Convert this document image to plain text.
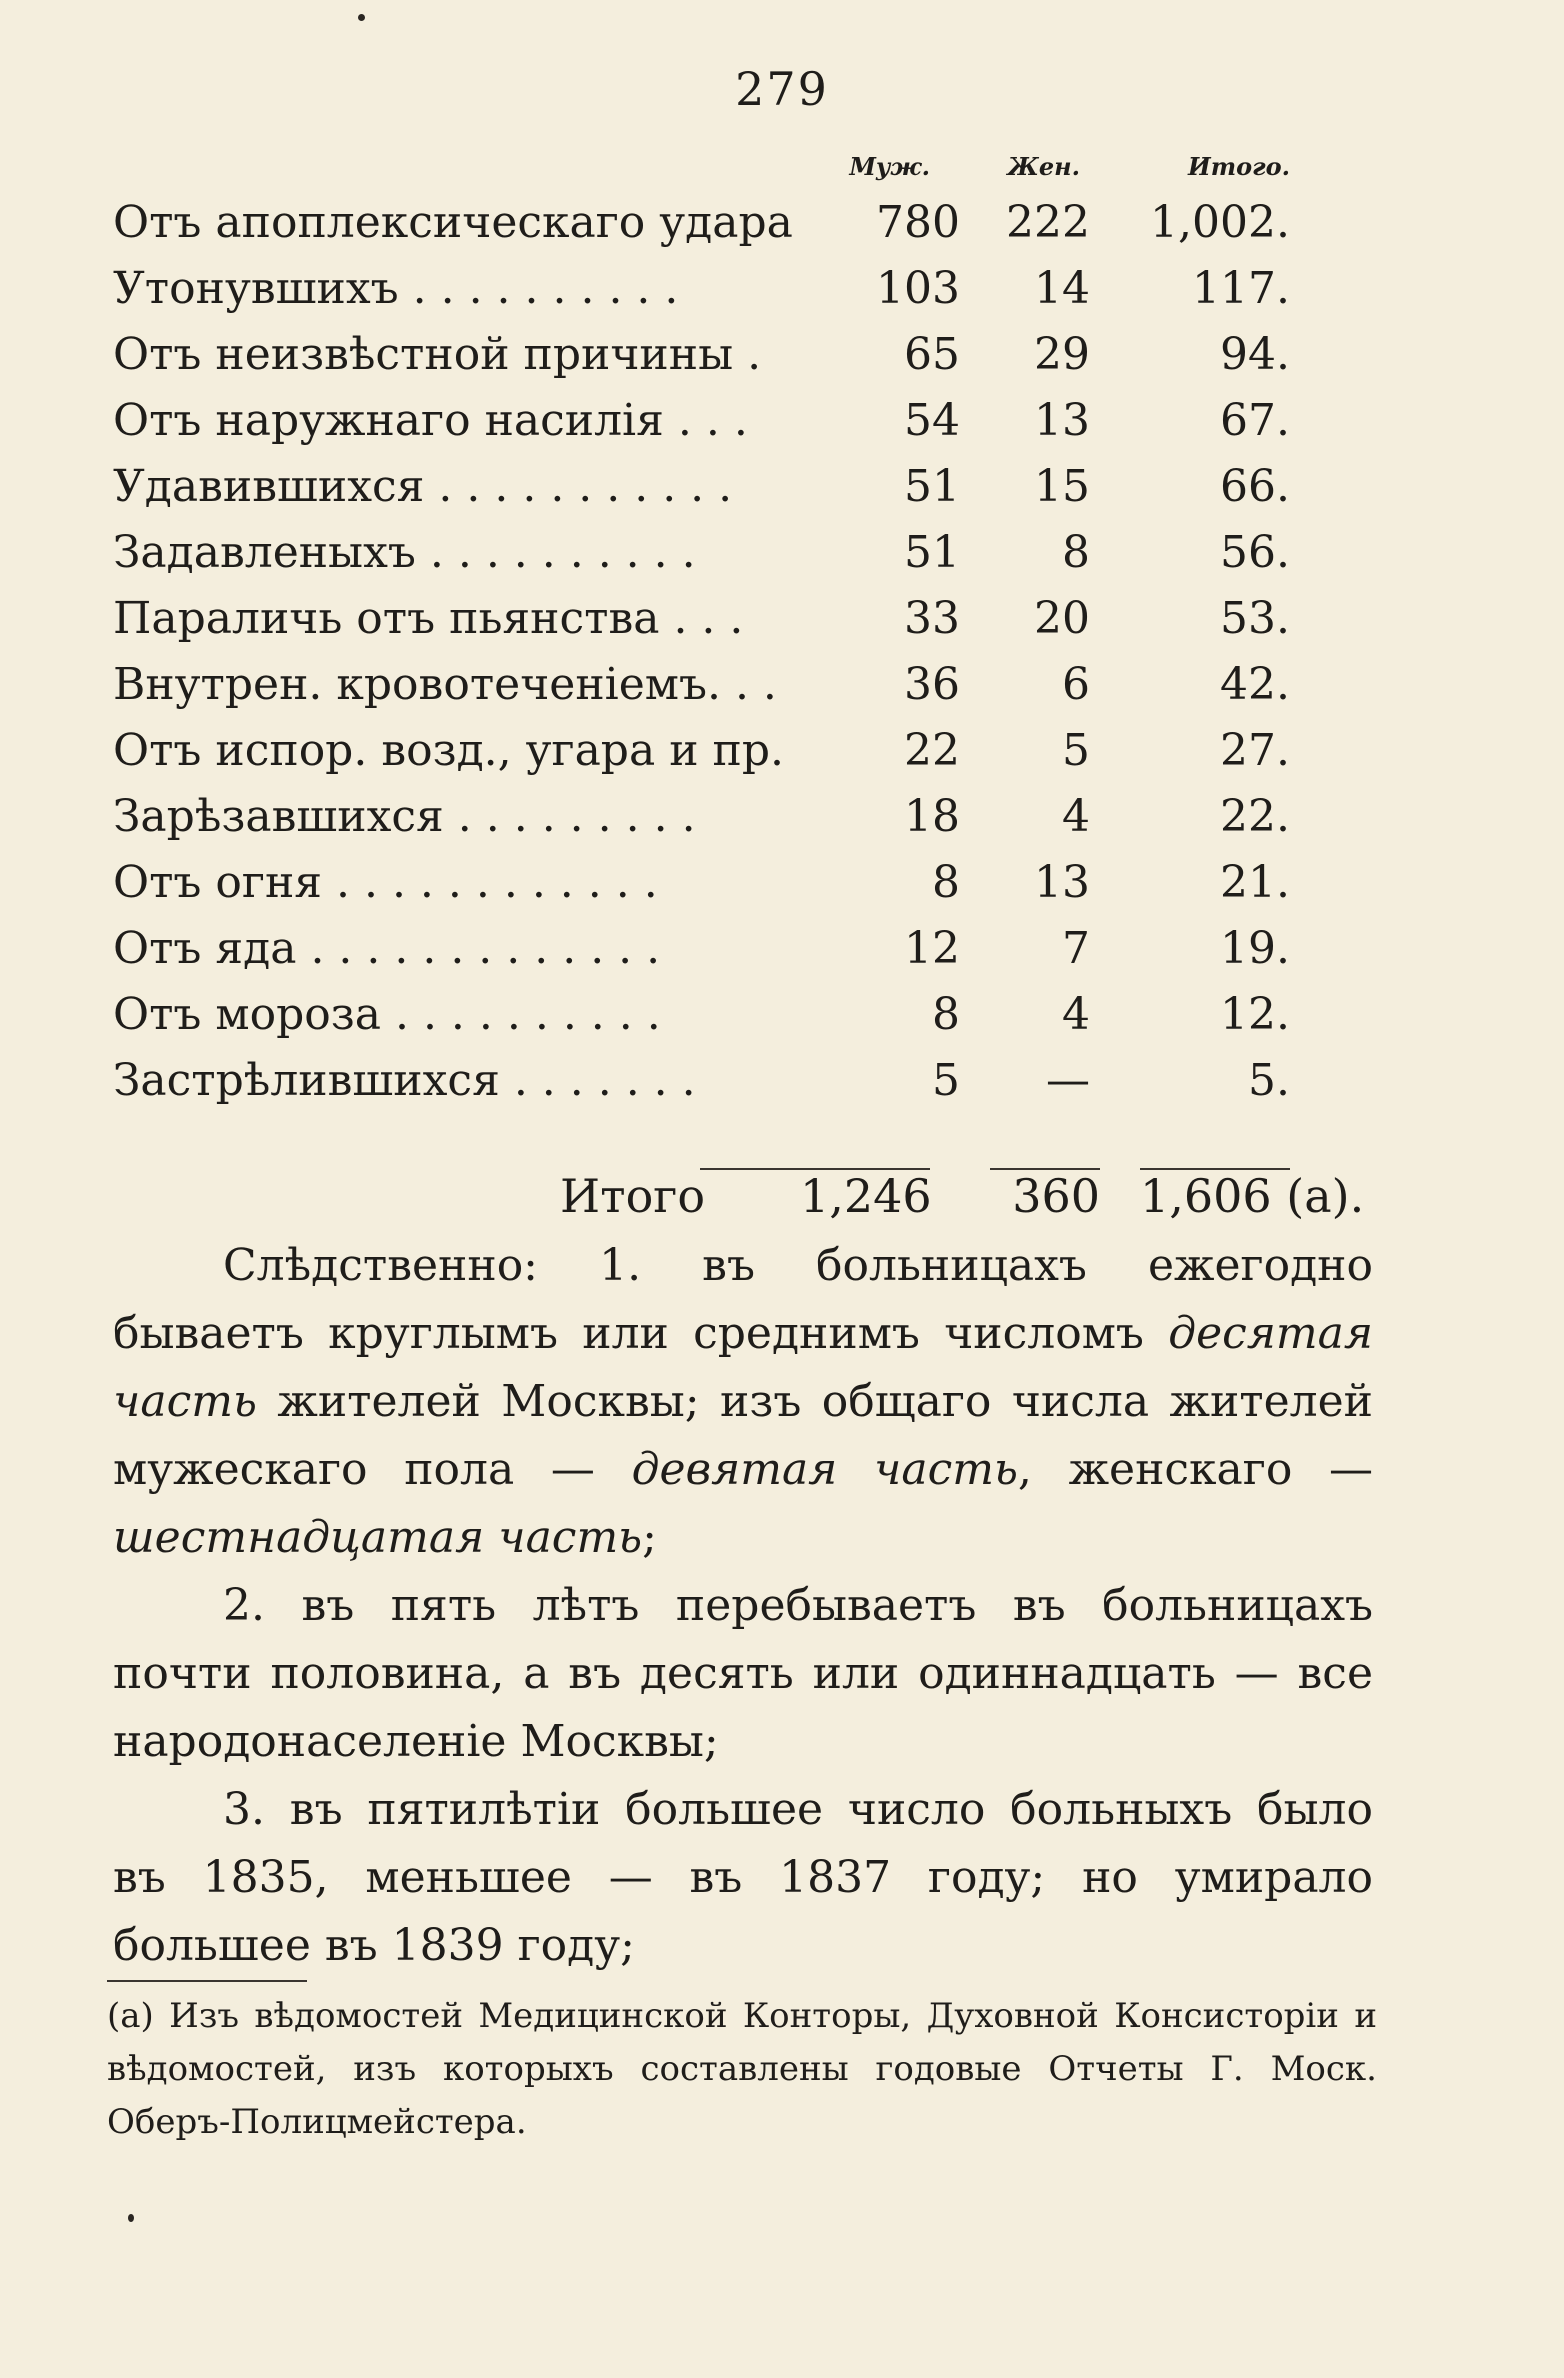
279
Муж.	Жен.	Итого.
Отъ апоплексическаго удара	780	222 1,002.
Утонувшихъ . . . . . . . . . .	103	14	117.
Отъ неизвѣстной причины .	65	29	94.
Отъ наружнаго насилія . . .	54	13	67.
Удавившихся . . . . . . . . . . .	51	15	66.
Задавленыхъ . . . . . . . . . .	51	8	56.
Параличь отъ пьянства . . .	33	20	53.
Внутрен. кровотеченіемъ. . .	36	6	42.
Отъ испор. возд., угара и пр.	22	5	27.
Зарѣзавшихся . . . . . . . . .	18	4	22.
Отъ огня . . . . . . . . . . . .	8	13	21.
Отъ яда . . . . . . . . . . . . .	12	7	19.
Отъ мороза . . . . . . . . . .	8	4	12.
Застрѣлившихся . . . . . . .	5	—	5.
Итого 1,246 360 1,606 (а).

Слѣдственно: 1. въ больницахъ ежегодно бываетъ круглымъ или среднимъ числомъ десятая часть жителей Москвы; изъ общаго числа жителей мужескаго пола — девятая часть, женскаго — шестнадцатая часть;

2. въ пять лѣтъ перебываетъ въ больницахъ почти половина, а въ десять или одиннадцать — все народонаселеніе Москвы;

3. въ пятилѣтіи большее число больныхъ было въ 1835, меньшее — въ 1837 году; но умирало большее въ 1839 году;

(а) Изъ вѣдомостей Медицинской Конторы, Духовной Консисторіи и вѣдомостей, изъ которыхъ составлены годовые Отчеты Г. Моск. Оберъ-Полицмейстера.
